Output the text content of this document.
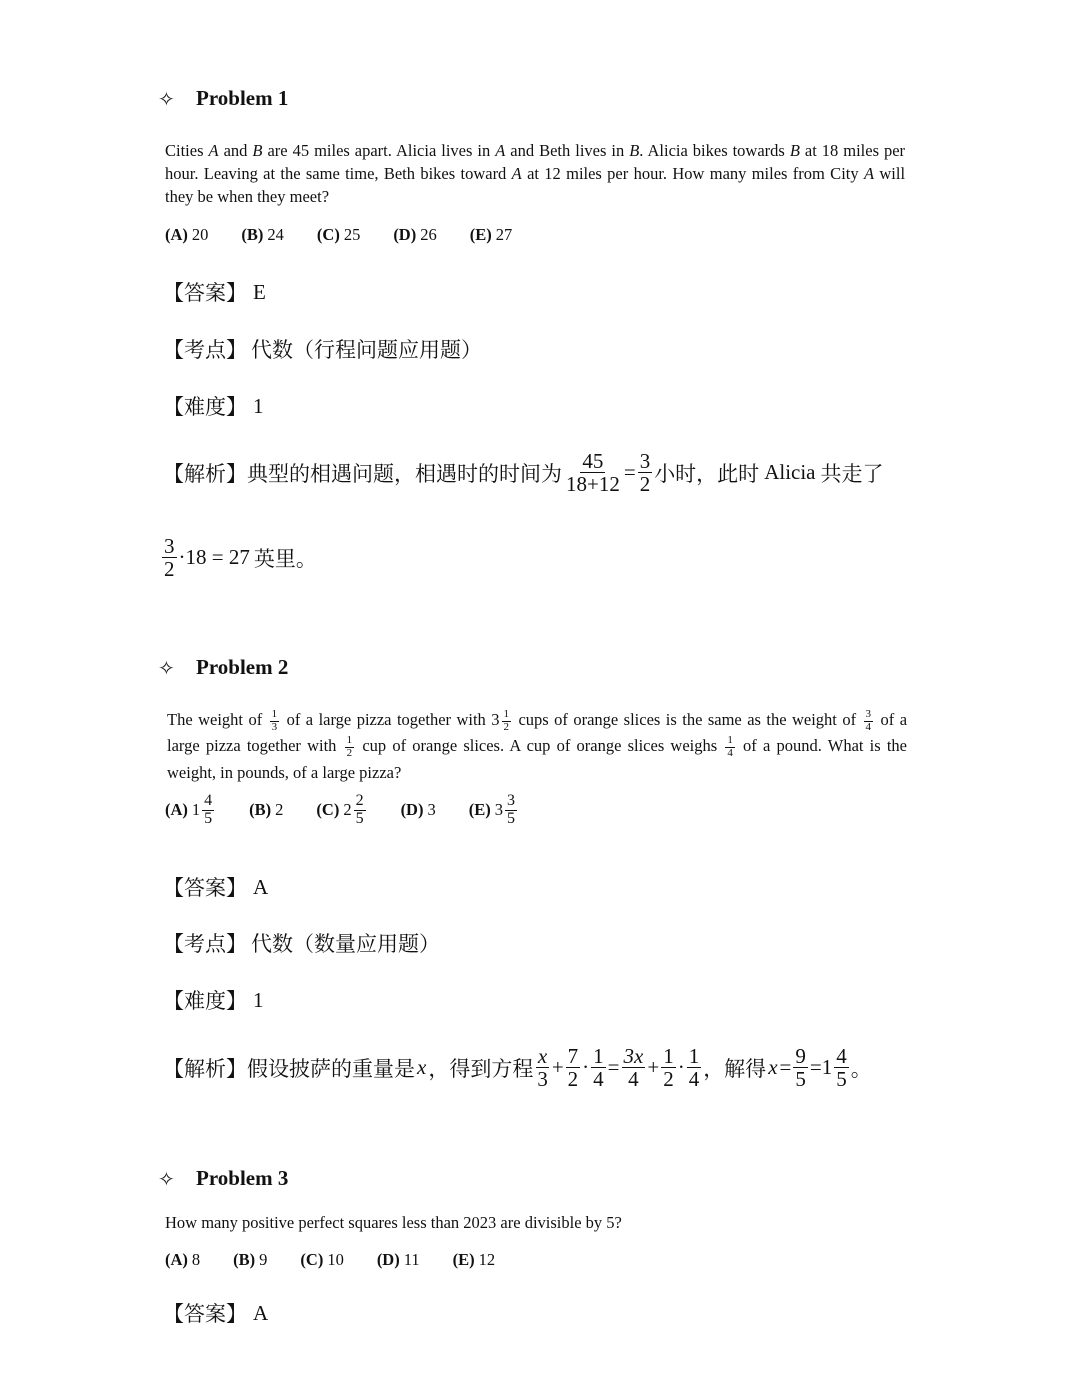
✧	Problem 1
Cities A and B are 45 miles apart. Alicia lives in A and Beth lives in B. Alicia bikes towards B at 18 miles per hour. Leaving at the same time, Beth bikes toward A at 12 miles per hour. How many miles from City A will they be when they meet?
(A) 20 (B) 24 (C) 25 (D) 26 (E) 27
【答案】 E
【考点】 代数（行程问题应用题）
【难度】 1
【解析】 典型的相遇问题，相遇时的时间为 $\frac{45}{18+12} = \frac{3}{2}$ 小时，此时 Alicia 共走了
$\frac{3}{2} \cdot 18 = 27$ 英里。
✧	Problem 2
The weight of $\frac{1}{3}$ of a large pizza together with $3 \frac{1}{2}$ cups of orange slices is the same as the weight of $\frac{3}{4}$ of a large pizza together with $\frac{1}{2}$ cup of orange slices. A cup of orange slices weighs $\frac{1}{4}$ of a pound. What is the weight, in pounds, of a large pizza?
(A) $1 \frac{4}{5} (B)$ 2 (C) $2 \frac{2}{5} (D)$ 3 (E) $3 \frac{3}{5}$
【答案】 A
【考点】 代数（数量应用题）
【难度】 1
【解析】 假设披萨的重量是 x ，得到方程 $\frac{x}{3} + \frac{7}{2} \cdot \frac{1}{4} = \frac{3x}{4} + \frac{1}{2} \cdot \frac{1}{4}$ ，解得 $x = \frac{9}{5} = 1 \frac{4}{5}$ 。
✧	Problem 3
How many positive perfect squares less than 2023 are divisible by 5?
(A) 8 (B) 9 (C) 10 (D) 11 (E) 12
【答案】 A
